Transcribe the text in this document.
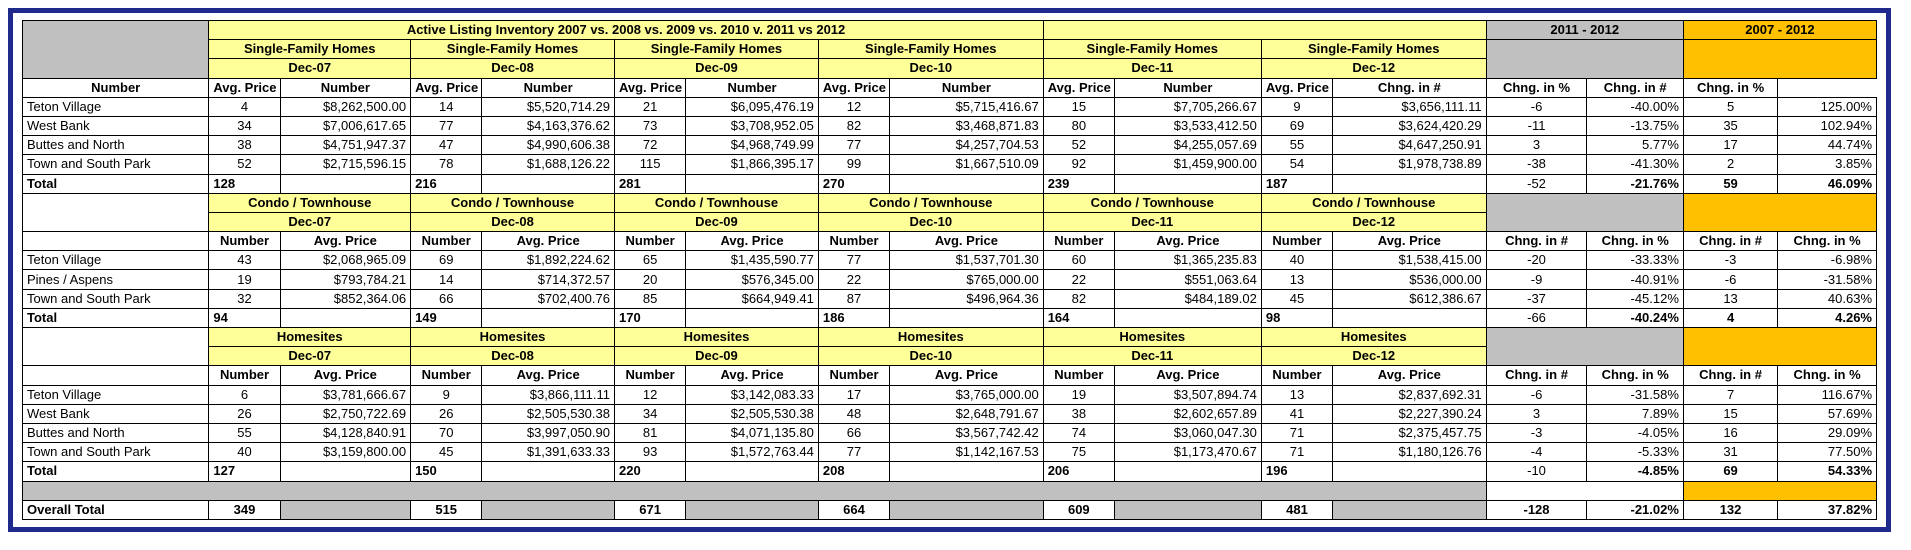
	Active Listing Inventory 2007 vs. 2008 vs. 2009 vs. 2010 v. 2011 vs 2012												2011 - 2012		2007 - 2012	
	Single-Family Homes		Single-Family Homes		Single-Family Homes		Single-Family Homes		Single-Family Homes		Single-Family Homes					
	Dec-07		Dec-08		Dec-09		Dec-10		Dec-11		Dec-12					
Number	Avg. Price	Number	Avg. Price	Number	Avg. Price	Number	Avg. Price	Number	Avg. Price	Number	Avg. Price	Chng. in #	Chng. in %	Chng. in #	Chng. in %	
Teton Village	4	$8,262,500.00	14	$5,520,714.29	21	$6,095,476.19	12	$5,715,416.67	15	$7,705,266.67	9	$3,656,111.11	-6	-40.00%	5	125.00%
West Bank	34	$7,006,617.65	77	$4,163,376.62	73	$3,708,952.05	82	$3,468,871.83	80	$3,533,412.50	69	$3,624,420.29	-11	-13.75%	35	102.94%
Buttes and North	38	$4,751,947.37	47	$4,990,606.38	72	$4,968,749.99	77	$4,257,704.53	52	$4,255,057.69	55	$4,647,250.91	3	5.77%	17	44.74%
Town and South Park	52	$2,715,596.15	78	$1,688,126.22	115	$1,866,395.17	99	$1,667,510.09	92	$1,459,900.00	54	$1,978,738.89	-38	-41.30%	2	3.85%
Total	128		216		281		270		239		187		-52	-21.76%	59	46.09%
	Condo / Townhouse		Condo / Townhouse		Condo / Townhouse		Condo / Townhouse		Condo / Townhouse		Condo / Townhouse					
	Dec-07		Dec-08		Dec-09		Dec-10		Dec-11		Dec-12					
	Number	Avg. Price	Number	Avg. Price	Number	Avg. Price	Number	Avg. Price	Number	Avg. Price	Number	Avg. Price	Chng. in #	Chng. in %	Chng. in #	Chng. in %
Teton Village	43	$2,068,965.09	69	$1,892,224.62	65	$1,435,590.77	77	$1,537,701.30	60	$1,365,235.83	40	$1,538,415.00	-20	-33.33%	-3	-6.98%
Pines / Aspens	19	$793,784.21	14	$714,372.57	20	$576,345.00	22	$765,000.00	22	$551,063.64	13	$536,000.00	-9	-40.91%	-6	-31.58%
Town and South Park	32	$852,364.06	66	$702,400.76	85	$664,949.41	87	$496,964.36	82	$484,189.02	45	$612,386.67	-37	-45.12%	13	40.63%
Total	94		149		170		186		164		98		-66	-40.24%	4	4.26%
	Homesites		Homesites		Homesites		Homesites		Homesites		Homesites					
	Dec-07		Dec-08		Dec-09		Dec-10		Dec-11		Dec-12					
	Number	Avg. Price	Number	Avg. Price	Number	Avg. Price	Number	Avg. Price	Number	Avg. Price	Number	Avg. Price	Chng. in #	Chng. in %	Chng. in #	Chng. in %
Teton Village	6	$3,781,666.67	9	$3,866,111.11	12	$3,142,083.33	17	$3,765,000.00	19	$3,507,894.74	13	$2,837,692.31	-6	-31.58%	7	116.67%
West Bank	26	$2,750,722.69	26	$2,505,530.38	34	$2,505,530.38	48	$2,648,791.67	38	$2,602,657.89	41	$2,227,390.24	3	7.89%	15	57.69%
Buttes and North	55	$4,128,840.91	70	$3,997,050.90	81	$4,071,135.80	66	$3,567,742.42	74	$3,060,047.30	71	$2,375,457.75	-3	-4.05%	16	29.09%
Town and South Park	40	$3,159,800.00	45	$1,391,633.33	93	$1,572,763.44	77	$1,142,167.53	75	$1,173,470.67	71	$1,180,126.76	-4	-5.33%	31	77.50%
Total	127		150		220		208		206		196		-10	-4.85%	69	54.33%

Overall Total	349		515		671		664		609		481		-128	-21.02%	132	37.82%
